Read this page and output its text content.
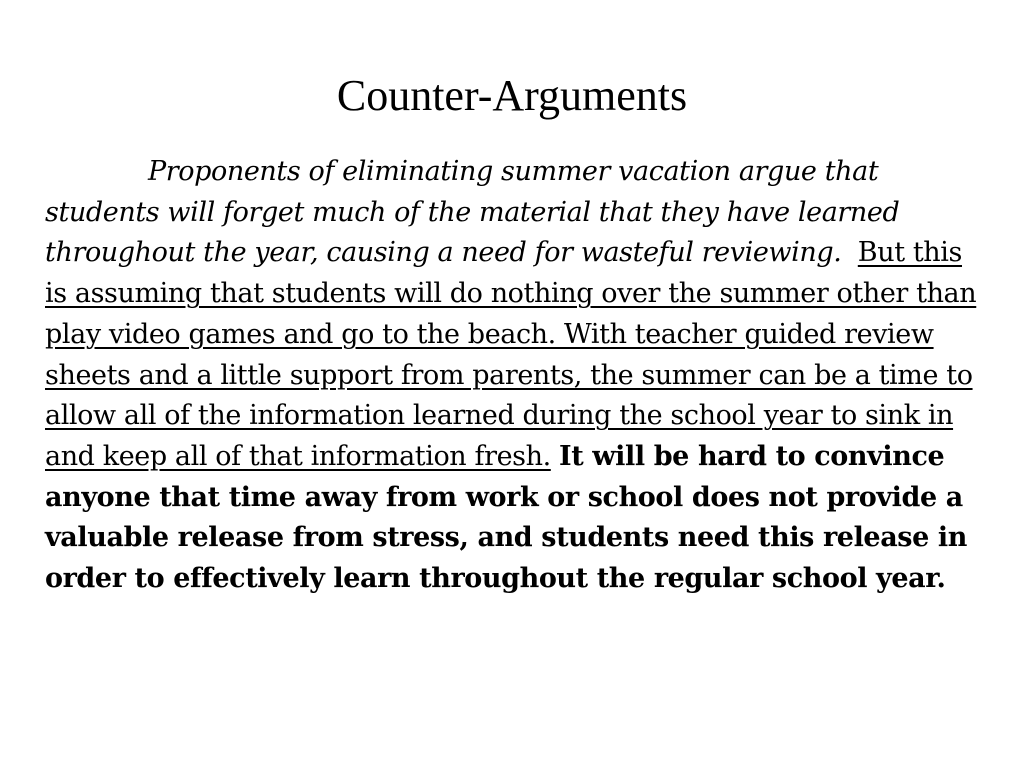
Counter-Arguments

Proponents of eliminating summer vacation argue that students will forget much of the material that they have learned throughout the year, causing a need for wasteful reviewing. But this is assuming that students will do nothing over the summer other than play video games and go to the beach. With teacher guided review sheets and a little support from parents, the summer can be a time to allow all of the information learned during the school year to sink in and keep all of that information fresh. It will be hard to convince anyone that time away from work or school does not provide a valuable release from stress, and students need this release in order to effectively learn throughout the regular school year.
